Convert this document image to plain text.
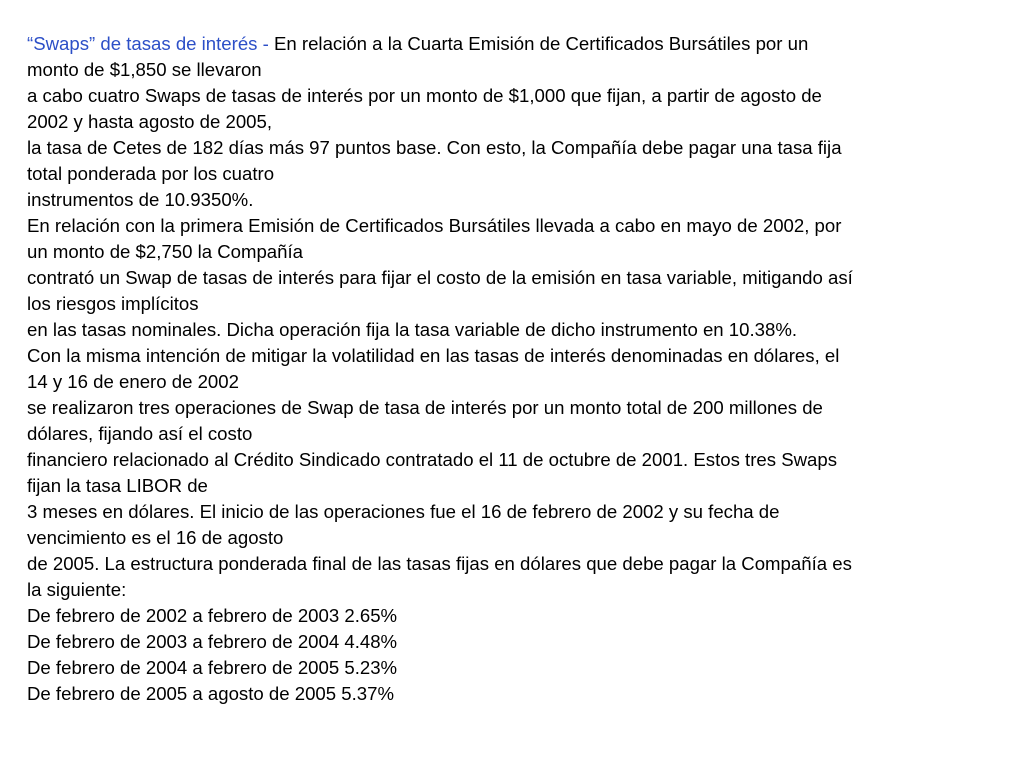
“Swaps” de tasas de interés - En relación a la Cuarta Emisión de Certificados Bursátiles por un
monto de $1,850 se llevaron
a cabo cuatro Swaps de tasas de interés por un monto de $1,000 que fijan, a partir de agosto de
2002 y hasta agosto de 2005,
la tasa de Cetes de 182 días más 97 puntos base. Con esto, la Compañía debe pagar una tasa fija
total ponderada por los cuatro
instrumentos de 10.9350%.
En relación con la primera Emisión de Certificados Bursátiles llevada a cabo en mayo de 2002, por
un monto de $2,750 la Compañía
contrató un Swap de tasas de interés para fijar el costo de la emisión en tasa variable, mitigando así
los riesgos implícitos
en las tasas nominales. Dicha operación fija la tasa variable de dicho instrumento en 10.38%.
Con la misma intención de mitigar la volatilidad en las tasas de interés denominadas en dólares, el
14 y 16 de enero de 2002
se realizaron tres operaciones de Swap de tasa de interés por un monto total de 200 millones de
dólares, fijando así el costo
financiero relacionado al Crédito Sindicado contratado el 11 de octubre de 2001. Estos tres Swaps
fijan la tasa LIBOR de
3 meses en dólares. El inicio de las operaciones fue el 16 de febrero de 2002 y su fecha de
vencimiento es el 16 de agosto
de 2005. La estructura ponderada final de las tasas fijas en dólares que debe pagar la Compañía es
la siguiente:
De febrero de 2002 a febrero de 2003 2.65%
De febrero de 2003 a febrero de 2004 4.48%
De febrero de 2004 a febrero de 2005 5.23%
De febrero de 2005 a agosto de 2005 5.37%
